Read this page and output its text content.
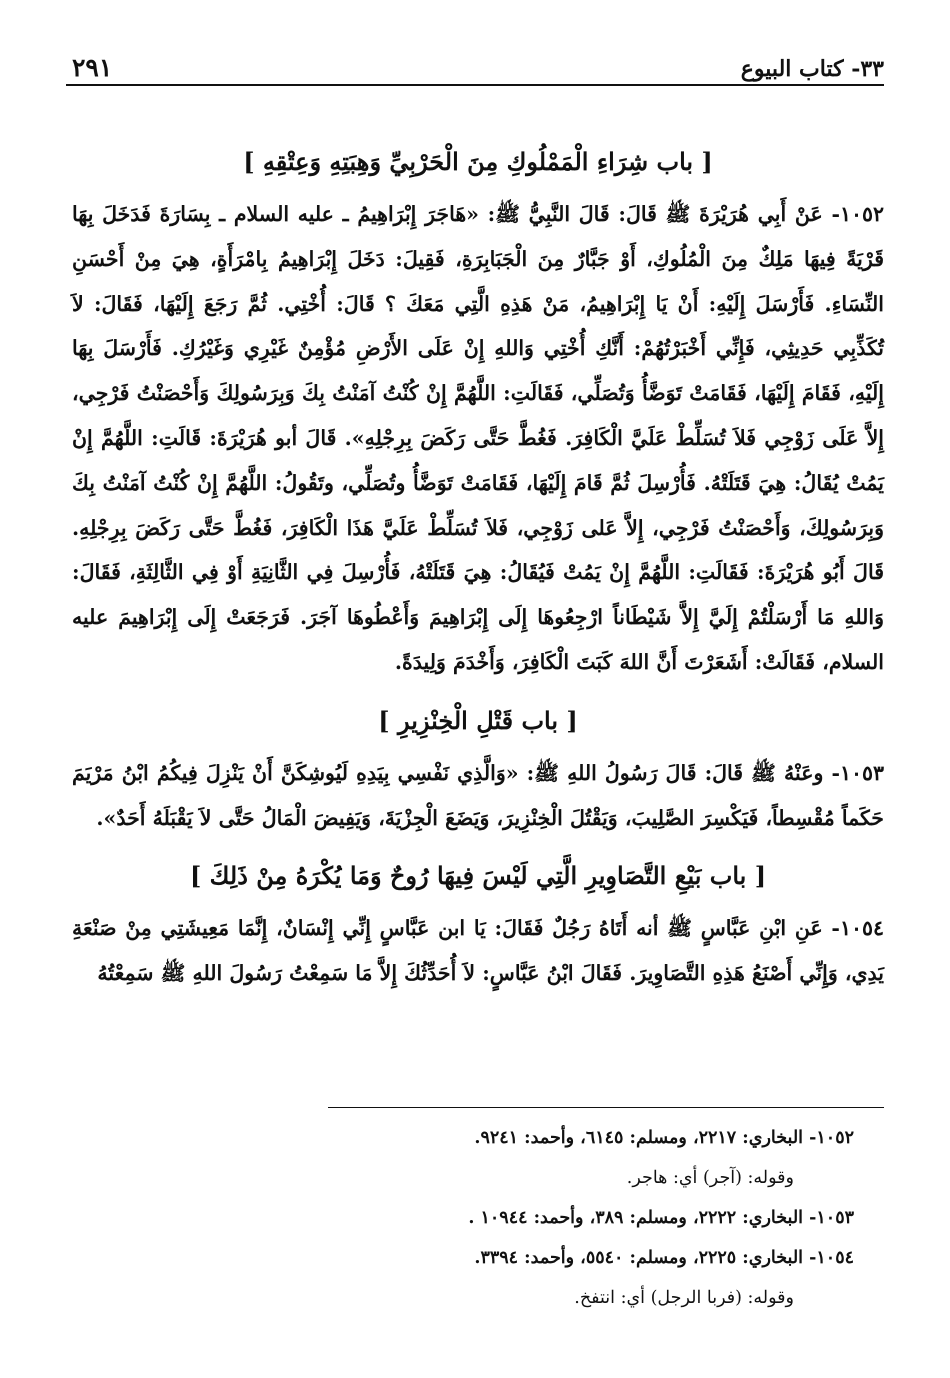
٣٣- كتاب البيوع
٢٩١
[ باب شِرَاءِ الْمَمْلُوكِ مِنَ الْحَرْبِيِّ وَهِبَتِهِ وَعِتْقِهِ ]

١٠٥٢- عَنْ أَبِي هُرَيْرَةَ ﷺ قَالَ: قَالَ النَّبِيُّ ﷺ: «هَاجَرَ إِبْرَاهِيمُ ـ عليه السلام ـ بِسَارَةَ فَدَخَلَ بِهَا قَرْيَةً فِيهَا مَلِكٌ مِنَ الْمُلُوكِ، أَوْ جَبَّارٌ مِنَ الْجَبَابِرَةِ، فَقِيلَ: دَخَلَ إِبْرَاهِيمُ بِامْرَأَةٍ، هِيَ مِنْ أَحْسَنِ النِّسَاءِ. فَأَرْسَلَ إِلَيْهِ: أَنْ يَا إِبْرَاهِيمُ، مَنْ هَذِهِ الَّتِي مَعَكَ ؟ قَالَ: أُخْتِي. ثُمَّ رَجَعَ إِلَيْهَا، فَقَالَ: لاَ تُكَذِّبِي حَدِيثِي، فَإِنِّي أَخْبَرْتُهُمْ: أَنَّكِ أُخْتِي وَاللهِ إِنْ عَلَى الأَرْضِ مُؤْمِنٌ غَيْرِي وَغَيْرُكِ. فَأَرْسَلَ بِهَا إِلَيْهِ، فَقَامَ إِلَيْهَا، فَقَامَتْ تَوَضَّأُ وَتُصَلِّي، فَقَالَتِ: اللَّهُمَّ إِنْ كُنْتُ آمَنْتُ بِكَ وَبِرَسُولِكَ وَأَحْصَنْتُ فَرْجِي، إِلاَّ عَلَى زَوْجِي فَلاَ تُسَلِّطْ عَلَيَّ الْكَافِرَ. فَغُطَّ حَتَّى رَكَضَ بِرِجْلِهِ». قَالَ أبو هُرَيْرَةَ: قَالَتِ: اللَّهُمَّ إِنْ يَمُتْ يُقَالُ: هِيَ قَتَلَتْهُ. فَأُرْسِلَ ثُمَّ قَامَ إِلَيْهَا، فَقَامَتْ تَوَضَّأُ وتُصَلِّي، وتَقُولُ: اللَّهُمَّ إِنْ كُنْتُ آمَنْتُ بِكَ وَبِرَسُولِكَ، وَأَحْصَنْتُ فَرْجِي، إِلاَّ عَلى زَوْجِي، فَلاَ تُسَلِّطْ عَلَيَّ هَذَا الْكَافِرَ، فَغُطَّ حَتَّى رَكَضَ بِرِجْلِهِ. قَالَ أَبُو هُرَيْرَةَ: فَقَالَتِ: اللَّهُمَّ إِنْ يَمُتْ فَيُقَالُ: هِيَ قَتَلَتْهُ، فَأُرْسِلَ فِي الثَّانِيَةِ أَوْ فِي الثَّالِثَةِ، فَقَالَ: وَاللهِ مَا أَرْسَلْتُمْ إِلَيَّ إِلاَّ شَيْطَاناً ارْجِعُوهَا إِلَى إِبْرَاهِيمَ وَأَعْطُوهَا آجَرَ. فَرَجَعَتْ إِلَى إِبْرَاهِيمَ عليه السلام، فَقَالَتْ: أَشَعَرْتَ أَنَّ اللهَ كَبَتَ الْكَافِرَ، وَأَخْدَمَ وَلِيدَةً.

[ باب قَتْلِ الْخِنْزِيرِ ]

١٠٥٣- وعَنْهُ ﷺ قَالَ: قَالَ رَسُولُ اللهِ ﷺ: «وَالَّذِي نَفْسِي بِيَدِهِ لَيُوشِكَنَّ أَنْ يَنْزِلَ فِيكُمُ ابْنُ مَرْيَمَ حَكَماً مُقْسِطاً، فَيَكْسِرَ الصَّلِيبَ، وَيَقْتُلَ الْخِنْزِيرَ، وَيَضَعَ الْجِزْيَةَ، وَيَفِيضَ الْمَالُ حَتَّى لاَ يَقْبَلَهُ أَحَدٌ».

[ باب بَيْعِ التَّصَاوِيرِ الَّتِي لَيْسَ فِيهَا رُوحٌ وَمَا يُكْرَهُ مِنْ ذَلِكَ ]

١٠٥٤- عَنِ ابْنِ عَبَّاسٍ ﷺ أنه أَتَاهُ رَجُلٌ فَقَالَ: يَا ابن عَبَّاسٍ إِنِّي إِنْسَانٌ، إِنَّمَا مَعِيشَتِي مِنْ صَنْعَةِ يَدِي، وَإِنِّي أَصْنَعُ هَذِهِ التَّصَاوِيرَ. فَقَالَ ابْنُ عَبَّاسٍ: لاَ أُحَدِّثُكَ إِلاَّ مَا سَمِعْتُ رَسُولَ اللهِ ﷺ سَمِعْتُهُ

١٠٥٢- البخاري: ٢٢١٧، ومسلم: ٦١٤٥، وأحمد: ٩٢٤١.

وقوله: (آجر) أي: هاجر.

١٠٥٣- البخاري: ٢٢٢٢، ومسلم: ٣٨٩، وأحمد: ١٠٩٤٤ .

١٠٥٤- البخاري: ٢٢٢٥، ومسلم: ٥٥٤٠، وأحمد: ٣٣٩٤.

وقوله: (فربا الرجل) أي: انتفخ.
